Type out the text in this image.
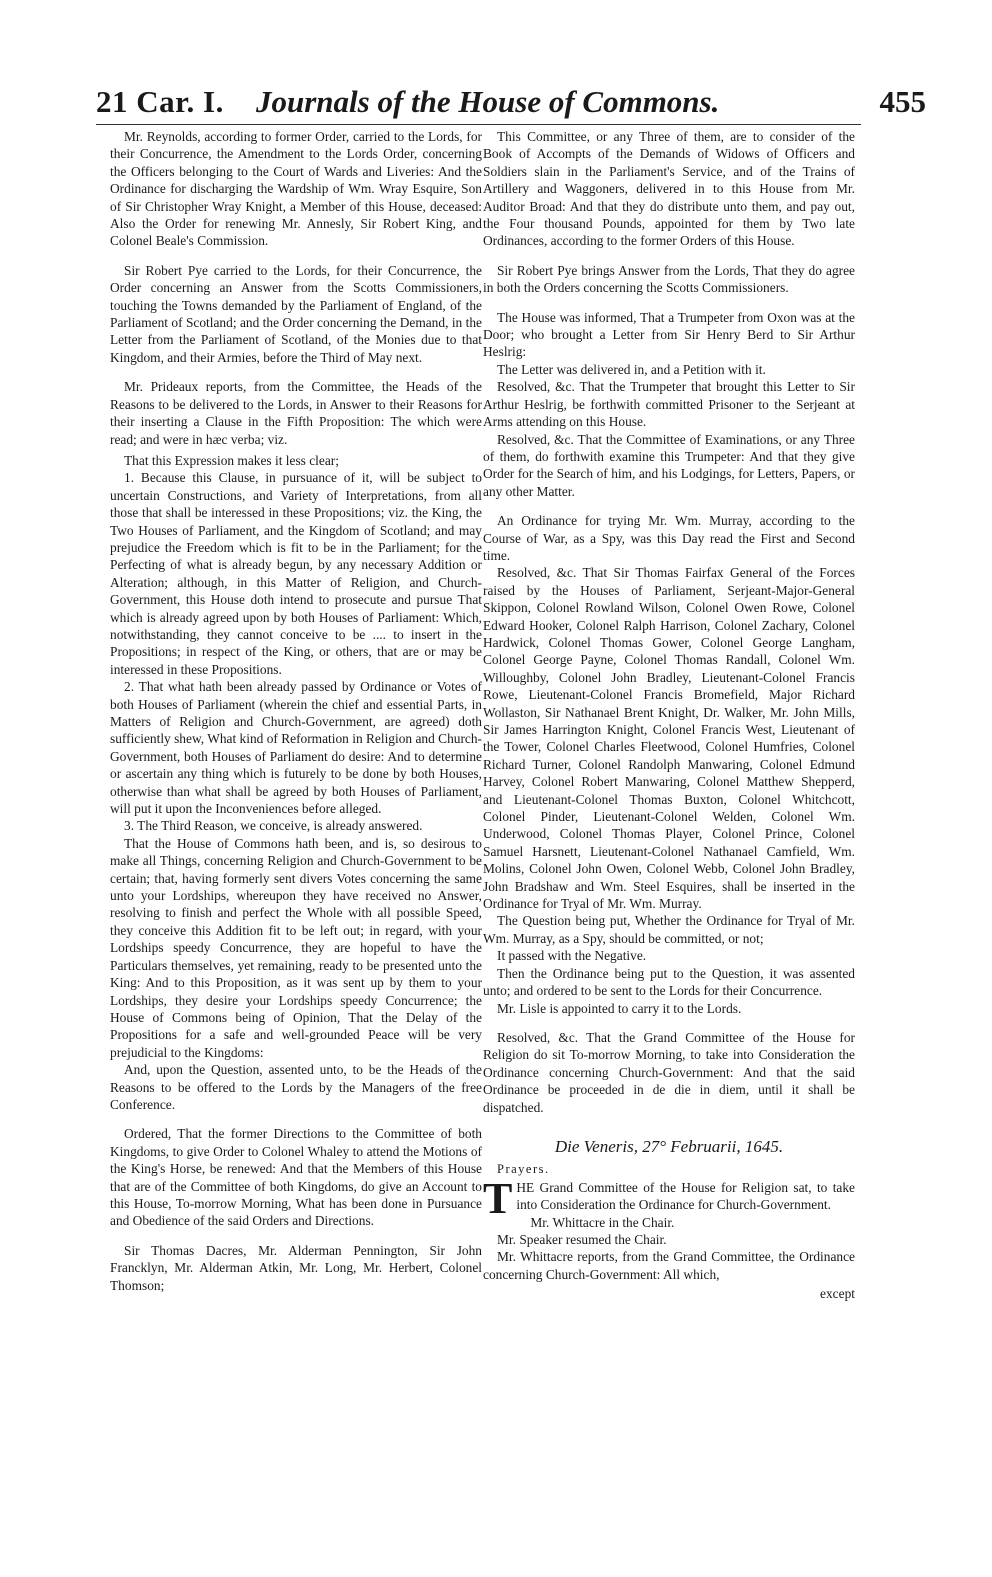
21 Car. I. Journals of the House of Commons.	455

Mr. Reynolds, according to former Order, carried to the Lords, for their Concurrence, the Amendment to the Lords Order, concerning the Officers belonging to the Court of Wards and Liveries: And the Ordinance for discharging the Wardship of Wm. Wray Esquire, Son of Sir Christopher Wray Knight, a Member of this House, deceased: Also the Order for renewing Mr. Annesly, Sir Robert King, and Colonel Beale's Commission.

Sir Robert Pye carried to the Lords, for their Concurrence, the Order concerning an Answer from the Scotts Commissioners, touching the Towns demanded by the Parliament of England, of the Parliament of Scotland; and the Order concerning the Demand, in the Letter from the Parliament of Scotland, of the Monies due to that Kingdom, and their Armies, before the Third of May next.

Mr. Prideaux reports, from the Committee, the Heads of the Reasons to be delivered to the Lords, in Answer to their Reasons for their inserting a Clause in the Fifth Proposition: The which were read; and were in hæc verba; viz.

That this Expression makes it less clear;

1. Because this Clause, in pursuance of it, will be subject to uncertain Constructions, and Variety of Interpretations, from all those that shall be interessed in these Propositions; viz. the King, the Two Houses of Parliament, and the Kingdom of Scotland; and may prejudice the Freedom which is fit to be in the Parliament; for the Perfecting of what is already begun, by any necessary Addition or Alteration; although, in this Matter of Religion, and Church-Government, this House doth intend to prosecute and pursue That which is already agreed upon by both Houses of Parliament: Which, notwithstanding, they cannot conceive to be .... to insert in the Propositions; in respect of the King, or others, that are or may be interessed in these Propositions.

2. That what hath been already passed by Ordinance or Votes of both Houses of Parliament (wherein the chief and essential Parts, in Matters of Religion and Church-Government, are agreed) doth sufficiently shew, What kind of Reformation in Religion and Church-Government, both Houses of Parliament do desire: And to determine or ascertain any thing which is futurely to be done by both Houses, otherwise than what shall be agreed by both Houses of Parliament, will put it upon the Inconveniences before alleged.

3. The Third Reason, we conceive, is already answered.

That the House of Commons hath been, and is, so desirous to make all Things, concerning Religion and Church-Government to be certain; that, having formerly sent divers Votes concerning the same unto your Lordships, whereupon they have received no Answer, resolving to finish and perfect the Whole with all possible Speed, they conceive this Addition fit to be left out; in regard, with your Lordships speedy Concurrence, they are hopeful to have the Particulars themselves, yet remaining, ready to be presented unto the King: And to this Proposition, as it was sent up by them to your Lordships, they desire your Lordships speedy Concurrence; the House of Commons being of Opinion, That the Delay of the Propositions for a safe and well-grounded Peace will be very prejudicial to the Kingdoms:

And, upon the Question, assented unto, to be the Heads of the Reasons to be offered to the Lords by the Managers of the free Conference.

Ordered, That the former Directions to the Committee of both Kingdoms, to give Order to Colonel Whaley to attend the Motions of the King's Horse, be renewed: And that the Members of this House that are of the Committee of both Kingdoms, do give an Account to this House, To-morrow Morning, What has been done in Pursuance and Obedience of the said Orders and Directions.

Sir Thomas Dacres, Mr. Alderman Pennington, Sir John Francklyn, Mr. Alderman Atkin, Mr. Long, Mr. Herbert, Colonel Thomson;

This Committee, or any Three of them, are to consider of the Book of Accompts of the Demands of Widows of Officers and Soldiers slain in the Parliament's Service, and of the Trains of Artillery and Waggoners, delivered in to this House from Mr. Auditor Broad: And that they do distribute unto them, and pay out, the Four thousand Pounds, appointed for them by Two late Ordinances, according to the former Orders of this House.

Sir Robert Pye brings Answer from the Lords, That they do agree in both the Orders concerning the Scotts Commissioners.

The House was informed, That a Trumpeter from Oxon was at the Door; who brought a Letter from Sir Henry Berd to Sir Arthur Heslrig:

The Letter was delivered in, and a Petition with it.

Resolved, &c. That the Trumpeter that brought this Letter to Sir Arthur Heslrig, be forthwith committed Prisoner to the Serjeant at Arms attending on this House.

Resolved, &c. That the Committee of Examinations, or any Three of them, do forthwith examine this Trumpeter: And that they give Order for the Search of him, and his Lodgings, for Letters, Papers, or any other Matter.

An Ordinance for trying Mr. Wm. Murray, according to the Course of War, as a Spy, was this Day read the First and Second time.

Resolved, &c. That Sir Thomas Fairfax General of the Forces raised by the Houses of Parliament, Serjeant-Major-General Skippon, Colonel Rowland Wilson, Colonel Owen Rowe, Colonel Edward Hooker, Colonel Ralph Harrison, Colonel Zachary, Colonel Hardwick, Colonel Thomas Gower, Colonel George Langham, Colonel George Payne, Colonel Thomas Randall, Colonel Wm. Willoughby, Colonel John Bradley, Lieutenant-Colonel Francis Rowe, Lieutenant-Colonel Francis Bromefield, Major Richard Wollaston, Sir Nathanael Brent Knight, Dr. Walker, Mr. John Mills, Sir James Harrington Knight, Colonel Francis West, Lieutenant of the Tower, Colonel Charles Fleetwood, Colonel Humfries, Colonel Richard Turner, Colonel Randolph Manwaring, Colonel Edmund Harvey, Colonel Robert Manwaring, Colonel Matthew Shepperd, and Lieutenant-Colonel Thomas Buxton, Colonel Whitchcott, Colonel Pinder, Lieutenant-Colonel Welden, Colonel Wm. Underwood, Colonel Thomas Player, Colonel Prince, Colonel Samuel Harsnett, Lieutenant-Colonel Nathanael Camfield, Wm. Molins, Colonel John Owen, Colonel Webb, Colonel John Bradley, John Bradshaw and Wm. Steel Esquires, shall be inserted in the Ordinance for Tryal of Mr. Wm. Murray.

The Question being put, Whether the Ordinance for Tryal of Mr. Wm. Murray, as a Spy, should be committed, or not;

It passed with the Negative.

Then the Ordinance being put to the Question, it was assented unto; and ordered to be sent to the Lords for their Concurrence.

Mr. Lisle is appointed to carry it to the Lords.

Resolved, &c. That the Grand Committee of the House for Religion do sit To-morrow Morning, to take into Consideration the Ordinance concerning Church-Government: And that the said Ordinance be proceeded in de die in diem, until it shall be dispatched.

Die Veneris, 27° Februarii, 1645.
Prayers.

THE Grand Committee of the House for Religion sat, to take into Consideration the Ordinance for Church-Government.

Mr. Whittacre in the Chair.

Mr. Speaker resumed the Chair.

Mr. Whittacre reports, from the Grand Committee, the Ordinance concerning Church-Government: All which,

except
